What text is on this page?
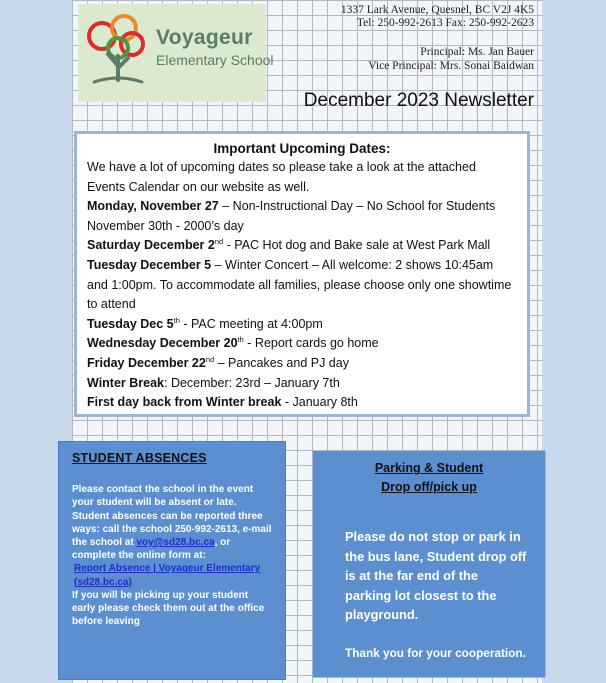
Voyageur
Elementary School
1337 Lark Avenue, Quesnel, BC V2J 4K5
Tel: 250-992-2613 Fax: 250-992-2623
Principal: Ms. Jan Bauer
Vice Principal: Mrs. Sonai Baidwan
December 2023 Newsletter
Important Upcoming Dates:

We have a lot of upcoming dates so please take a look at the attached Events Calendar on our website as well.

Monday, November 27 – Non-Instructional Day – No School for Students

November 30th - 2000’s day

Saturday December 2nd - PAC Hot dog and Bake sale at West Park Mall

Tuesday December 5 – Winter Concert – All welcome: 2 shows 10:45am and 1:00pm. To accommodate all families, please choose only one showtime to attend

Tuesday Dec 5th - PAC meeting at 4:00pm

Wednesday December 20th - Report cards go home

Friday December 22nd – Pancakes and PJ day

Winter Break: December: 23rd – January 7th

First day back from Winter break - January 8th

STUDENT ABSENCES

Please contact the school in the event your student will be absent or late. Student absences can be reported three ways: call the school 250-992-2613, e-mail the school at voy@sd28.bc.ca, or complete the online form at:

Report Absence | Voyageur Elementary (sd28.bc.ca)

If you will be picking up your student early please check them out at the office before leaving

Parking & Student
Drop off/pick up
Please do not stop or park in the bus lane, Student drop off is at the far end of the parking lot closest to the playground.
Thank you for your cooperation.
